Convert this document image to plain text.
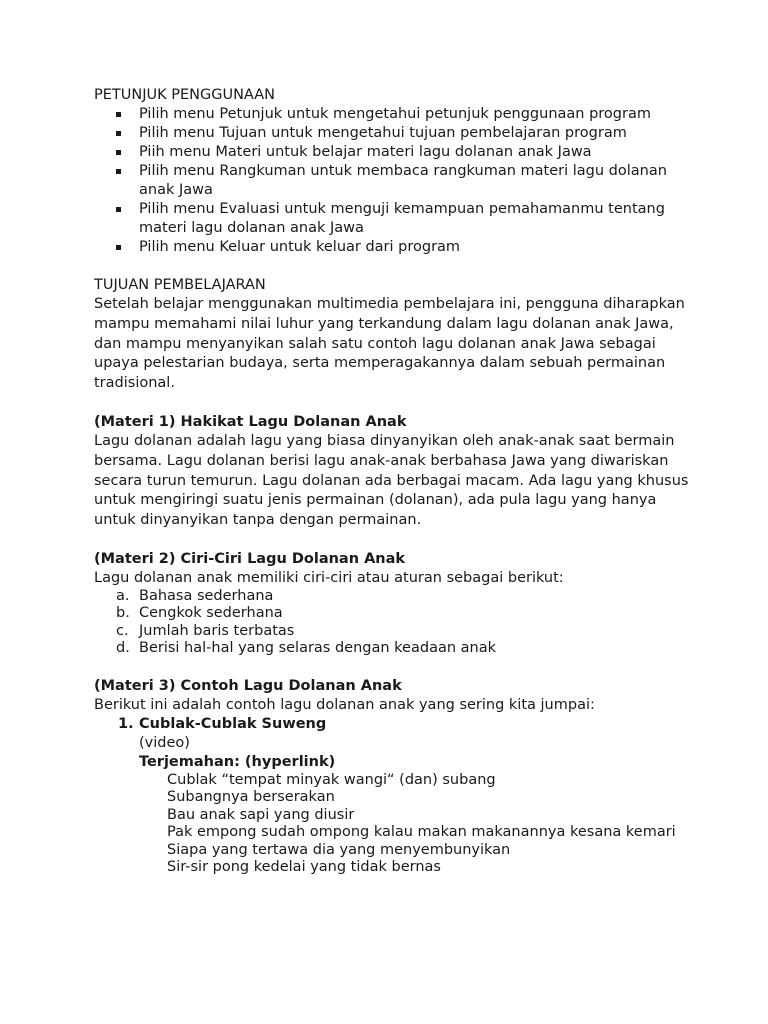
PETUNJUK PENGGUNAAN
Pilih menu Petunjuk untuk mengetahui petunjuk penggunaan program
Pilih menu Tujuan untuk mengetahui tujuan pembelajaran program
Piih menu Materi untuk belajar materi lagu dolanan anak Jawa
Pilih menu Rangkuman untuk membaca rangkuman materi lagu dolanan anak Jawa
Pilih menu Evaluasi untuk menguji kemampuan pemahamanmu tentang materi lagu dolanan anak Jawa
Pilih menu Keluar untuk keluar dari program
TUJUAN PEMBELAJARAN

Setelah belajar menggunakan multimedia pembelajara ini, pengguna diharapkan mampu memahami nilai luhur yang terkandung dalam lagu dolanan anak Jawa, dan mampu menyanyikan salah satu contoh lagu dolanan anak Jawa sebagai upaya pelestarian budaya, serta memperagakannya dalam sebuah permainan tradisional.

(Materi 1) Hakikat Lagu Dolanan Anak

Lagu dolanan adalah lagu yang biasa dinyanyikan oleh anak-anak saat bermain bersama. Lagu dolanan berisi lagu anak-anak berbahasa Jawa yang diwariskan secara turun temurun. Lagu dolanan ada berbagai macam. Ada lagu yang khusus untuk mengiringi suatu jenis permainan (dolanan), ada pula lagu yang hanya untuk dinyanyikan tanpa dengan permainan.

(Materi 2) Ciri-Ciri Lagu Dolanan Anak

Lagu dolanan anak memiliki ciri-ciri atau aturan sebagai berikut:

a. Bahasa sederhana
b. Cengkok sederhana
c. Jumlah baris terbatas
d. Berisi hal-hal yang selaras dengan keadaan anak
(Materi 3) Contoh Lagu Dolanan Anak

Berikut ini adalah contoh lagu dolanan anak yang sering kita jumpai:

1. Cublak-Cublak Suweng
(video)
Terjemahan: (hyperlink)
Cublak “tempat minyak wangi“ (dan) subang
Subangnya berserakan
Bau anak sapi yang diusir
Pak empong sudah ompong kalau makan makanannya kesana kemari
Siapa yang tertawa dia yang menyembunyikan
Sir-sir pong kedelai yang tidak bernas
